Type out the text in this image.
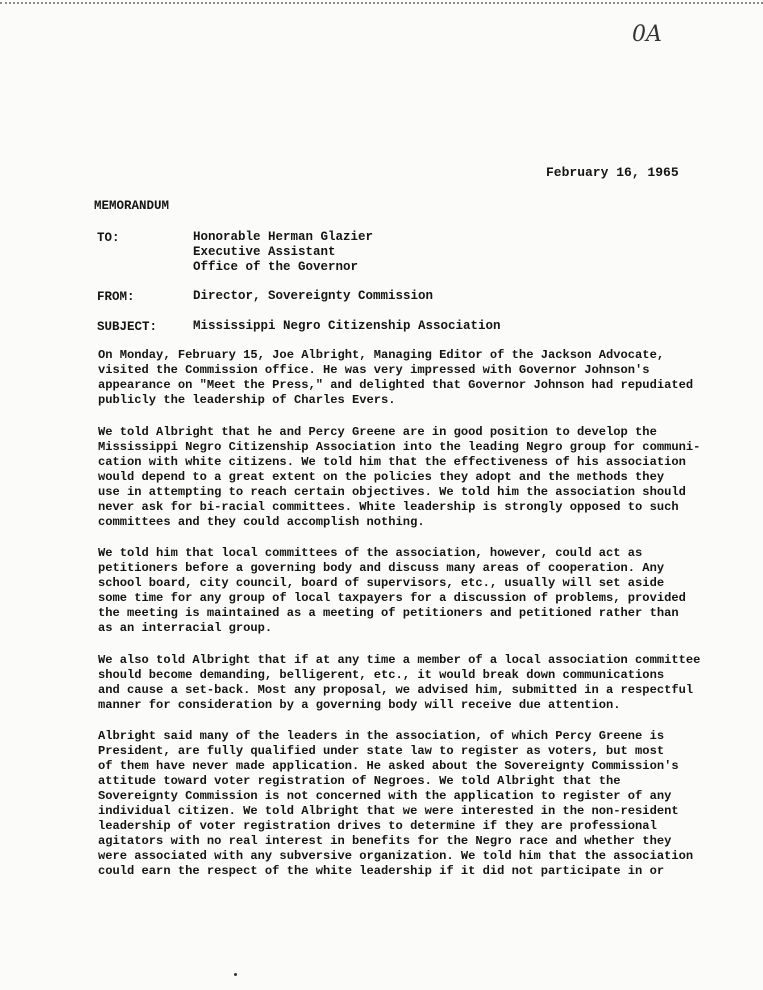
0A
February 16, 1965
MEMORANDUM
TO:	Honorable Herman Glazier
Executive Assistant
Office of the Governor
FROM:	Director, Sovereignty Commission
SUBJECT:	Mississippi Negro Citizenship Association
On Monday, February 15, Joe Albright, Managing Editor of the Jackson Advocate,
visited the Commission office. He was very impressed with Governor Johnson's
appearance on "Meet the Press," and delighted that Governor Johnson had repudiated
publicly the leadership of Charles Evers.
We told Albright that he and Percy Greene are in good position to develop the
Mississippi Negro Citizenship Association into the leading Negro group for communi-
cation with white citizens. We told him that the effectiveness of his association
would depend to a great extent on the policies they adopt and the methods they
use in attempting to reach certain objectives. We told him the association should
never ask for bi-racial committees. White leadership is strongly opposed to such
committees and they could accomplish nothing.
We told him that local committees of the association, however, could act as
petitioners before a governing body and discuss many areas of cooperation. Any
school board, city council, board of supervisors, etc., usually will set aside
some time for any group of local taxpayers for a discussion of problems, provided
the meeting is maintained as a meeting of petitioners and petitioned rather than
as an interracial group.
We also told Albright that if at any time a member of a local association committee
should become demanding, belligerent, etc., it would break down communications
and cause a set-back. Most any proposal, we advised him, submitted in a respectful
manner for consideration by a governing body will receive due attention.
Albright said many of the leaders in the association, of which Percy Greene is
President, are fully qualified under state law to register as voters, but most
of them have never made application. He asked about the Sovereignty Commission's
attitude toward voter registration of Negroes. We told Albright that the
Sovereignty Commission is not concerned with the application to register of any
individual citizen. We told Albright that we were interested in the non-resident
leadership of voter registration drives to determine if they are professional
agitators with no real interest in benefits for the Negro race and whether they
were associated with any subversive organization. We told him that the association
could earn the respect of the white leadership if it did not participate in or
